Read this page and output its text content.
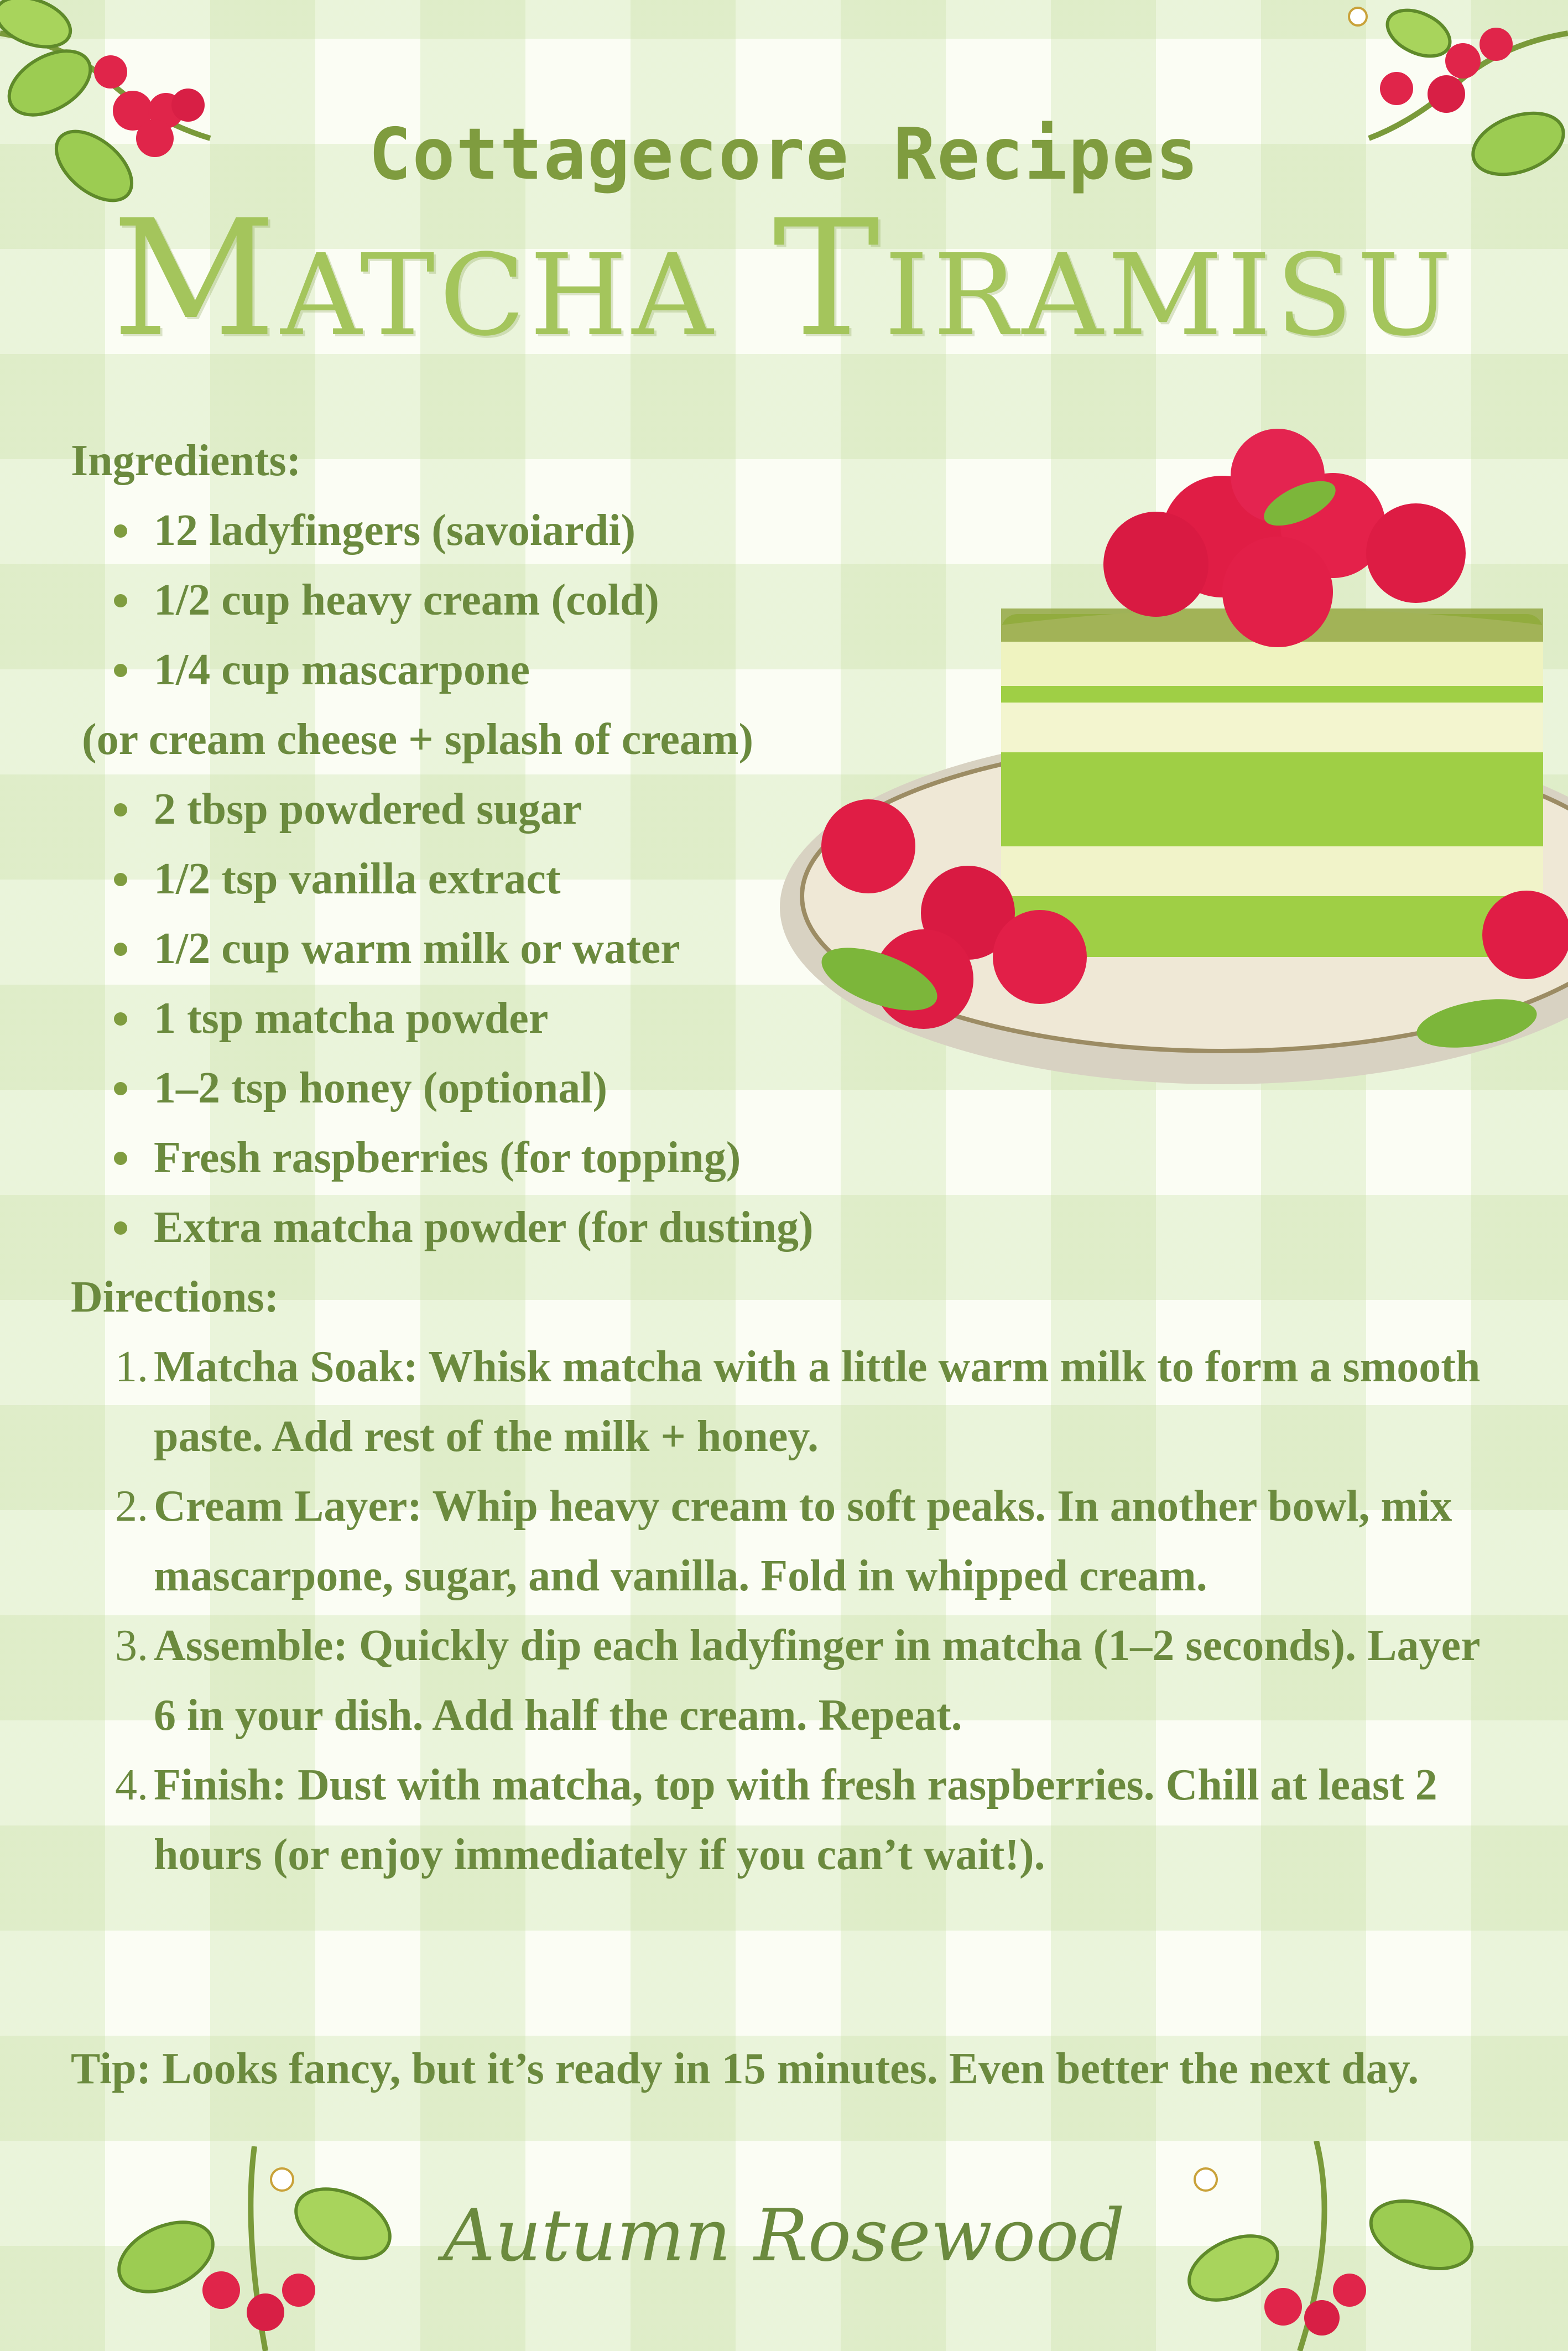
Cottagecore Recipes
Matcha Tiramisu
Ingredients:
12 ladyfingers (savoiardi)
1/2 cup heavy cream (cold)
1/4 cup mascarpone
(or cream cheese + splash of cream)
2 tbsp powdered sugar
1/2 tsp vanilla extract
1/2 cup warm milk or water
1 tsp matcha powder
1–2 tsp honey (optional)
Fresh raspberries (for topping)
Extra matcha powder (for dusting)
Directions:
1. Matcha Soak: Whisk matcha with a little warm milk to form a smooth paste. Add rest of the milk + honey.
2. Cream Layer: Whip heavy cream to soft peaks. In another bowl, mix mascarpone, sugar, and vanilla. Fold in whipped cream.
3. Assemble: Quickly dip each ladyfinger in matcha (1–2 seconds). Layer 6 in your dish. Add half the cream. Repeat.
4. Finish: Dust with matcha, top with fresh raspberries. Chill at least 2 hours (or enjoy immediately if you can’t wait!).
Tip: Looks fancy, but it’s ready in 15 minutes. Even better the next day.
Autumn Rosewood
